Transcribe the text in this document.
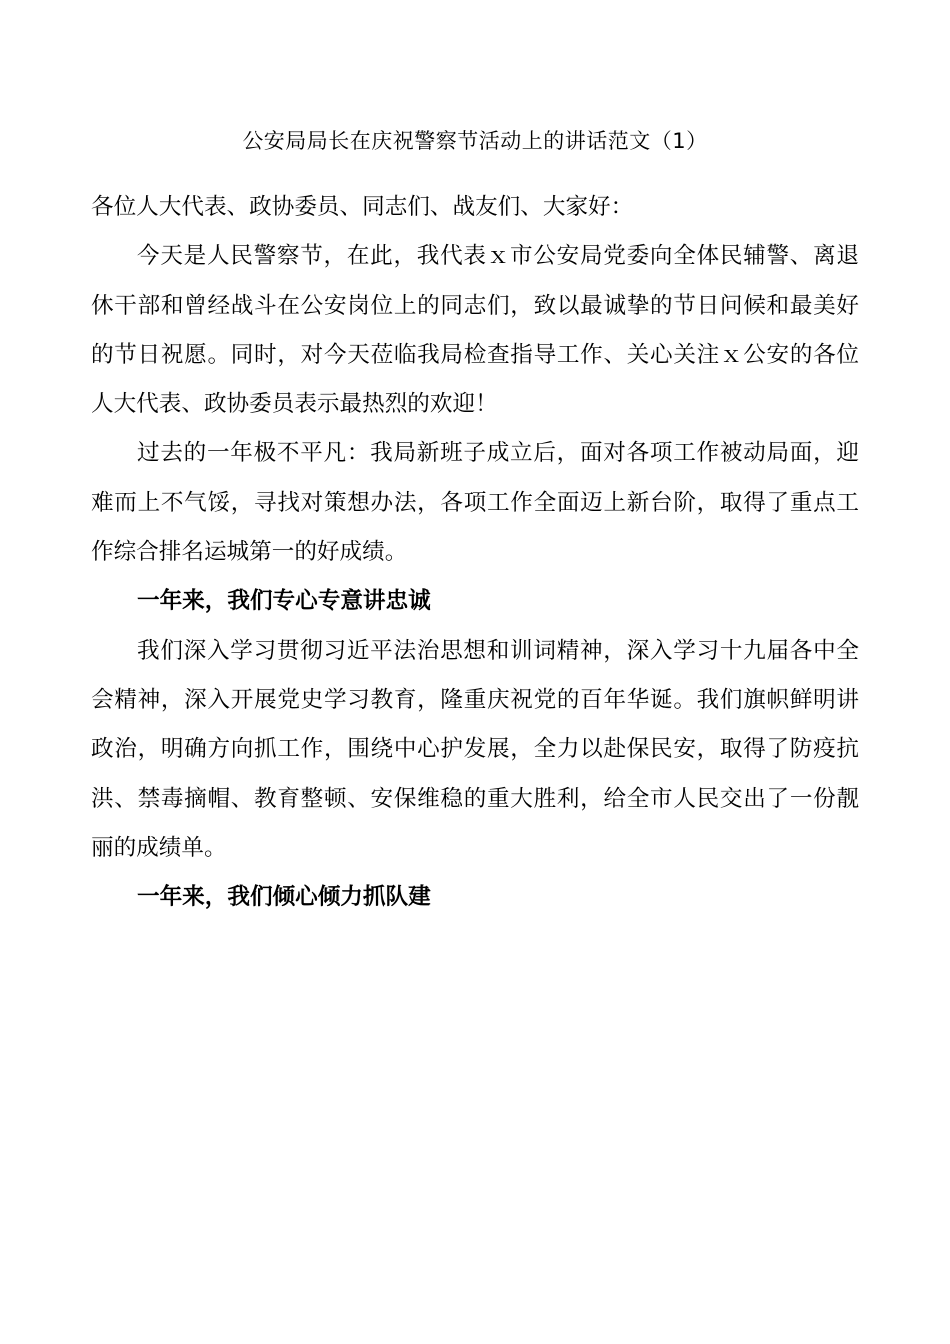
公安局局长在庆祝警察节活动上的讲话范文（1）

各位人大代表、政协委员、同志们、战友们、大家好：

今天是人民警察节，在此，我代表ｘ市公安局党委向全体民辅警、离退休干部和曾经战斗在公安岗位上的同志们，致以最诚挚的节日问候和最美好的节日祝愿。同时，对今天莅临我局检查指导工作、关心关注ｘ公安的各位人大代表、政协委员表示最热烈的欢迎！

过去的一年极不平凡：我局新班子成立后，面对各项工作被动局面，迎难而上不气馁，寻找对策想办法，各项工作全面迈上新台阶，取得了重点工作综合排名运城第一的好成绩。

一年来，我们专心专意讲忠诚

我们深入学习贯彻习近平法治思想和训词精神，深入学习十九届各中全会精神，深入开展党史学习教育，隆重庆祝党的百年华诞。我们旗帜鲜明讲政治，明确方向抓工作，围绕中心护发展，全力以赴保民安，取得了防疫抗洪、禁毒摘帽、教育整顿、安保维稳的重大胜利，给全市人民交出了一份靓丽的成绩单。

一年来，我们倾心倾力抓队建
